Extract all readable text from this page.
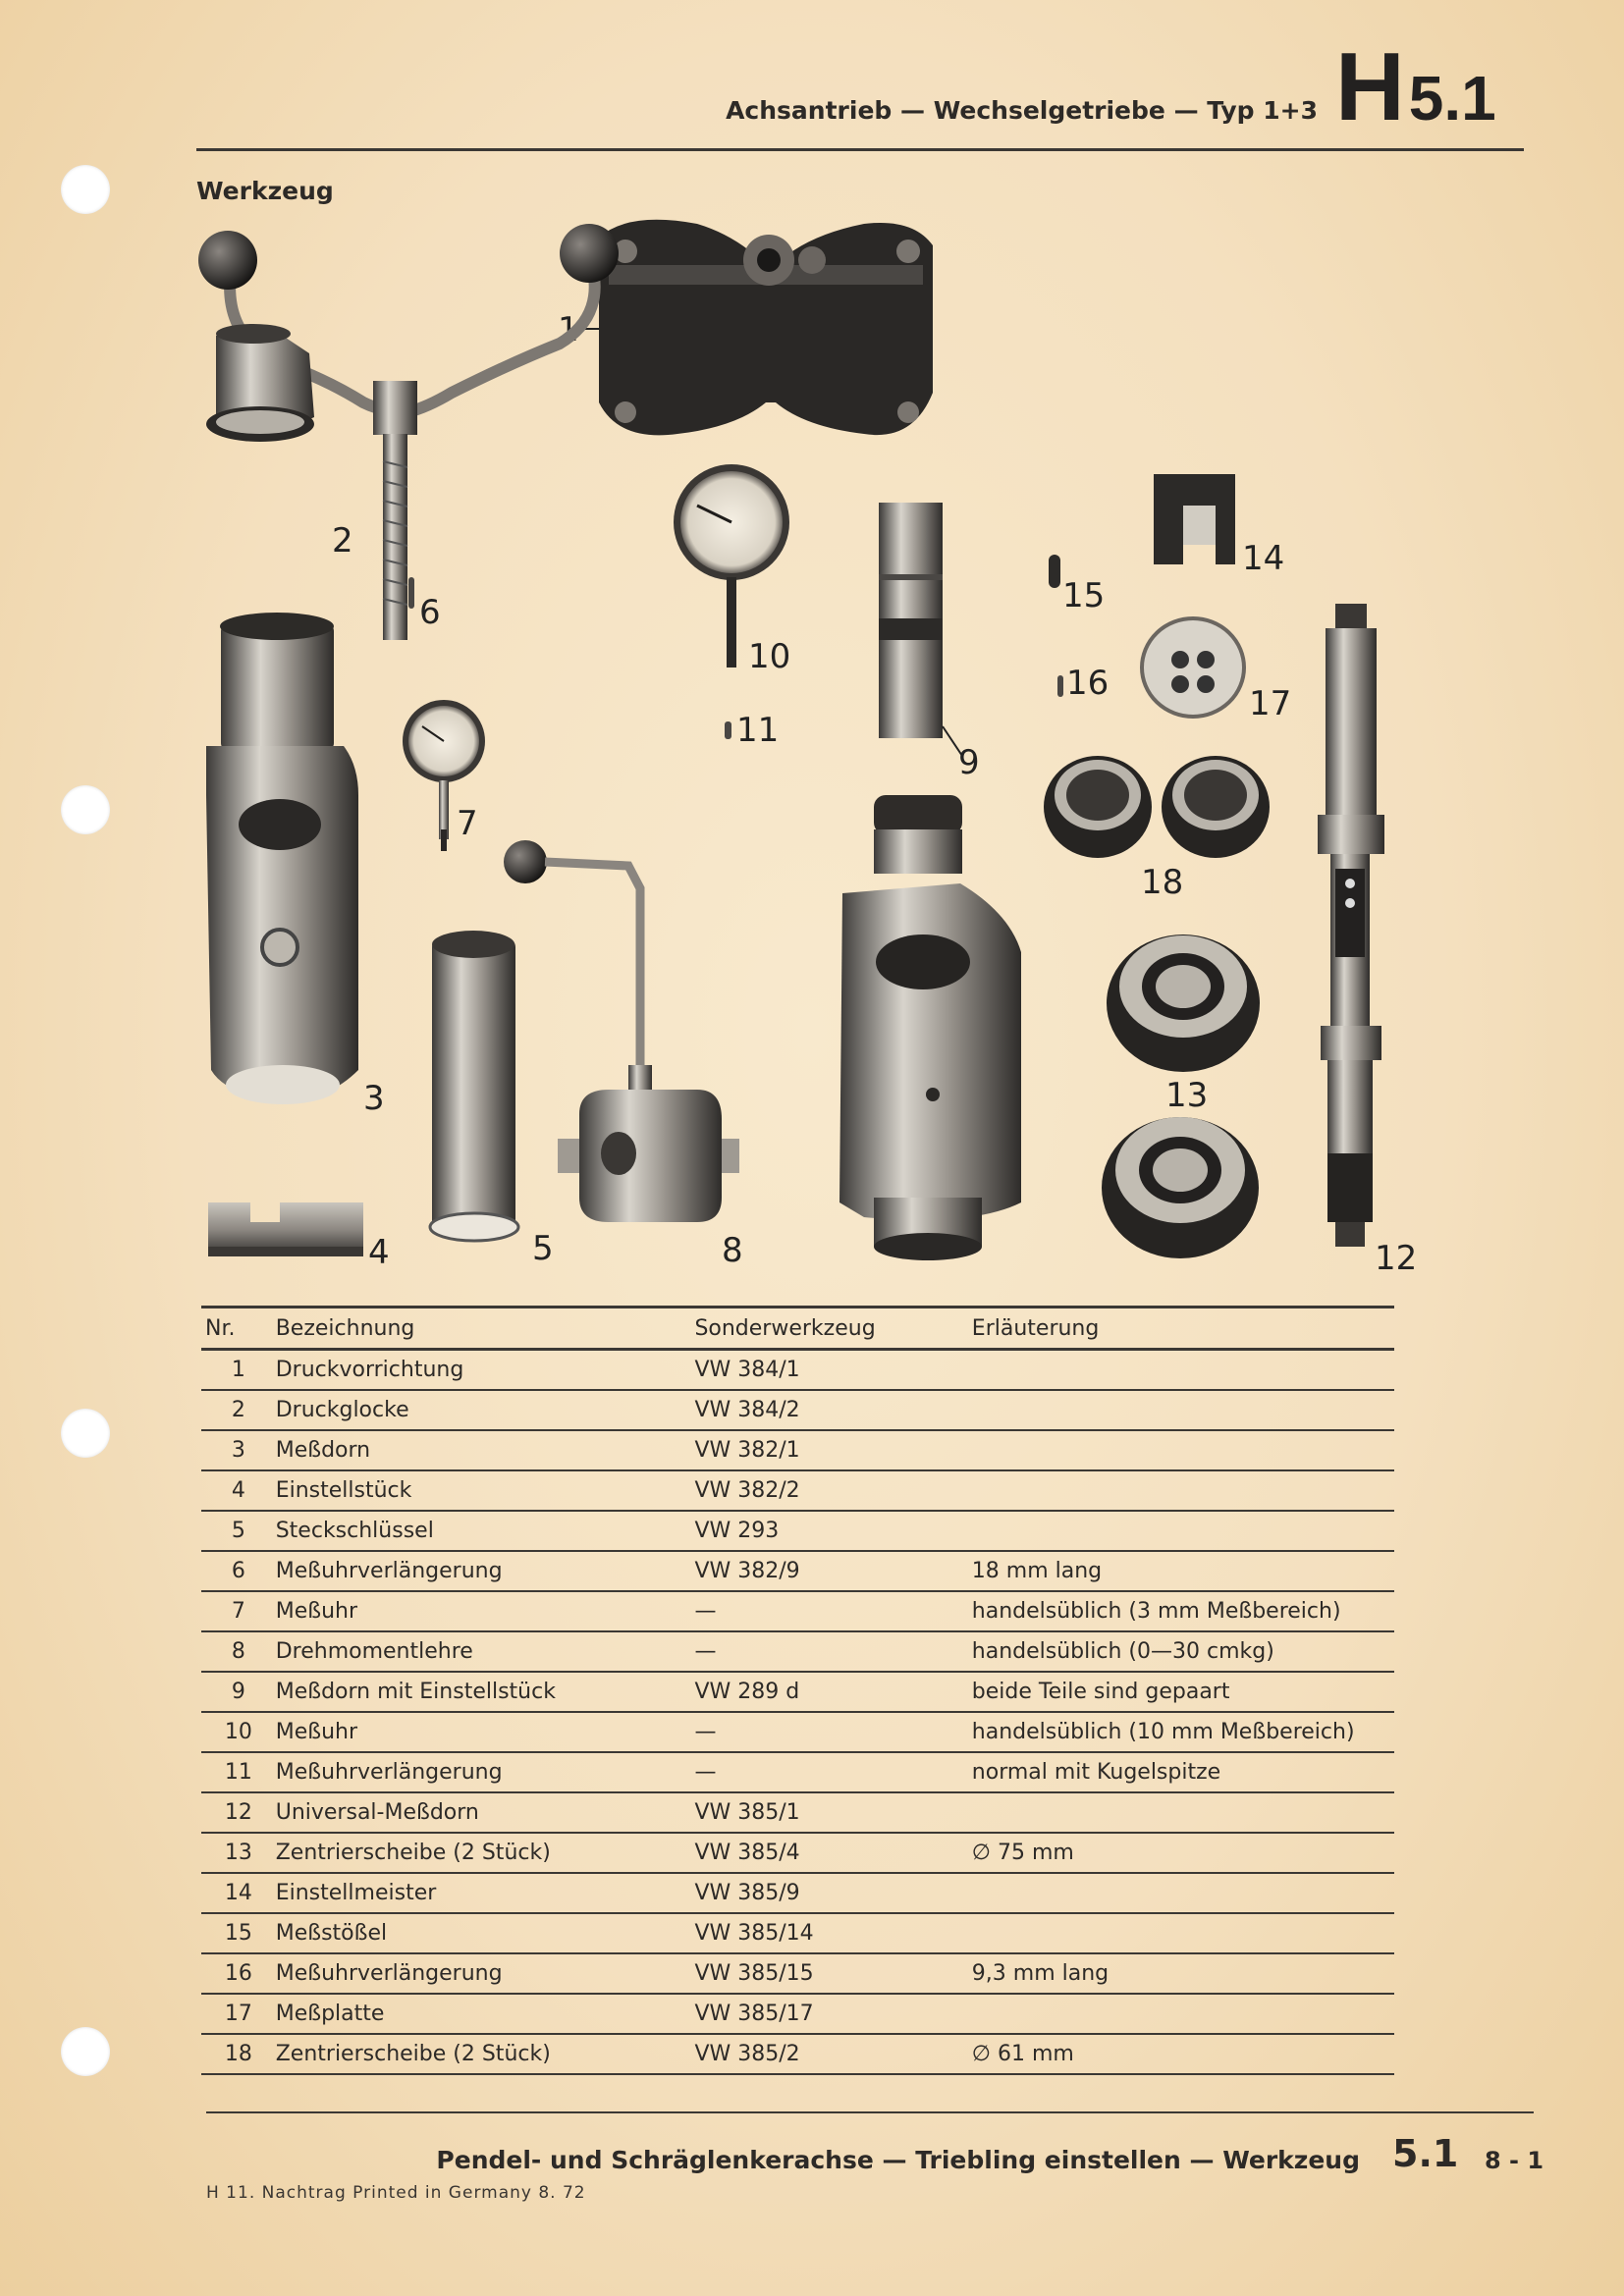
Achsantrieb — Wechselgetriebe — Typ 1+3 H5.1
Werkzeug
1
2
6
10
9
11
15
16
14
17
12
18
13
3
7
8
5
4
Nr.	Bezeichnung	Sonderwerkzeug	Erläuterung
1	Druckvorrichtung	VW 384/1	
2	Druckglocke	VW 384/2	
3	Meßdorn	VW 382/1	
4	Einstellstück	VW 382/2	
5	Steckschlüssel	VW 293	
6	Meßuhrverlängerung	VW 382/9	18 mm lang
7	Meßuhr	—	handelsüblich (3 mm Meßbereich)
8	Drehmomentlehre	—	handelsüblich (0—30 cmkg)
9	Meßdorn mit Einstellstück	VW 289 d	beide Teile sind gepaart
10	Meßuhr	—	handelsüblich (10 mm Meßbereich)
11	Meßuhrverlängerung	—	normal mit Kugelspitze
12	Universal-Meßdorn	VW 385/1	
13	Zentrierscheibe (2 Stück)	VW 385/4	∅ 75 mm
14	Einstellmeister	VW 385/9	
15	Meßstößel	VW 385/14	
16	Meßuhrverlängerung	VW 385/15	9,3 mm lang
17	Meßplatte	VW 385/17	
18	Zentrierscheibe (2 Stück)	VW 385/2	∅ 61 mm
Pendel- und Schräglenkerachse — Triebling einstellen — Werkzeug 5.1 8 - 1
H 11. Nachtrag Printed in Germany 8. 72
